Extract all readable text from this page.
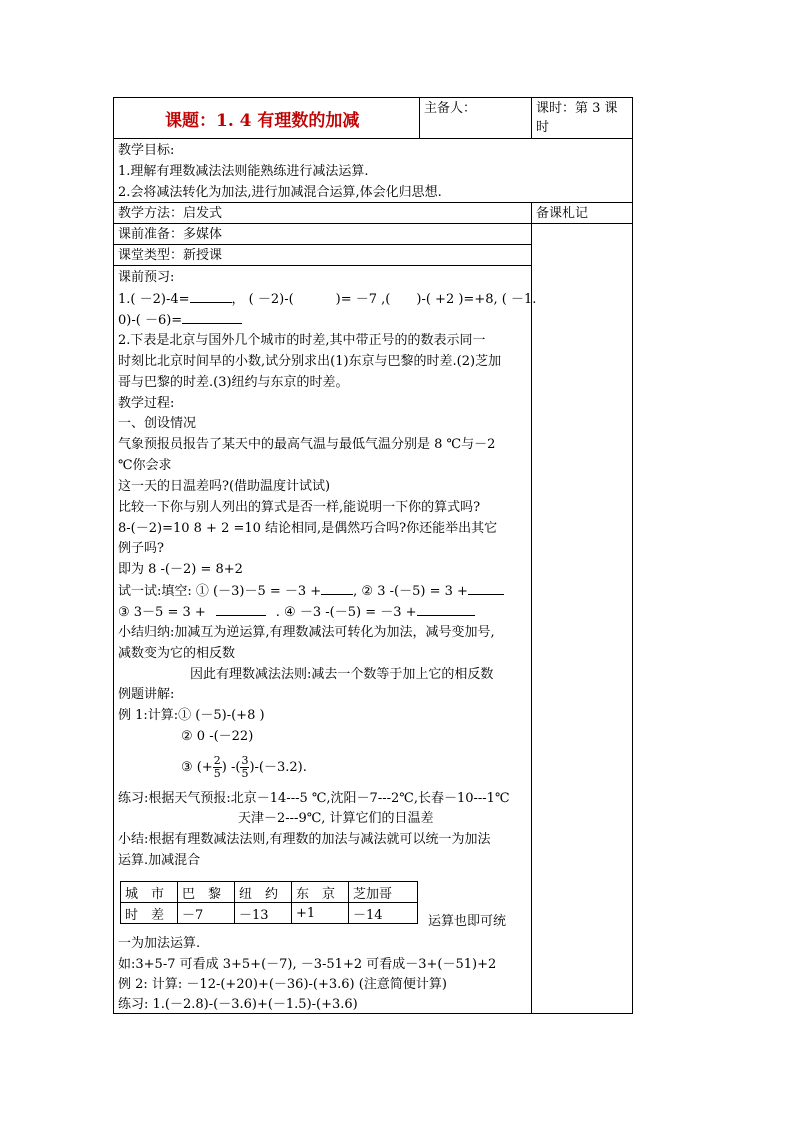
课题：1. 4 有理数的加减
主备人：	课时：第 3 课
时
教学目标:
1.理解有理数减法法则能熟练进行减法运算.
2.会将减法转化为加法,进行加减混合运算,体会化归思想.
教学方法：启发式	备课札记
课前准备：多媒体
课堂类型：新授课
课前预习:
1.( －2)-4=	， ( －2)-(	)= －7 ,( )-( +2 )=+8, ( －1.
0)-( －6)=
2.下表是北京与国外几个城市的时差,其中带正号的的数表示同一
时刻比北京时间早的小数,试分别求出(1)东京与巴黎的时差.(2)芝加
哥与巴黎的时差.(3)纽约与东京的时差。
教学过程:
一、创设情况
气象预报员报告了某天中的最高气温与最低气温分别是 8 ℃与－2
℃你会求
这一天的日温差吗?(借助温度计试试)
比较一下你与别人列出的算式是否一样,能说明一下你的算式吗?
8-(－2)=10 8 + 2 =10 结论相同,是偶然巧合吗?你还能举出其它
例子吗?
即为 8 -(－2) = 8+2
试一试:填空: ① (－3)－5 = －3 + , ② 3 -(－5) = 3 +
③ 3－5 = 3 +	. ④ －3 -(－5) = －3 +
小结归纳:加减互为逆运算,有理数减法可转化为加法，减号变加号,
减数变为它的相反数
因此有理数减法法则:减去一个数等于加上它的相反数
例题讲解:
例 1:计算:① (－5)-(+8 )
② 0 -(－22)
③ (+ $\frac{2}{5}$ ) -( $\frac{3}{5} )-(-3.2)$.
练习:根据天气预报:北京－14---5 ℃,沈阳－7---2℃,长春－10---1℃
天津－2---9℃, 计算它们的日温差
小结:根据有理数减法法则,有理数的加法与减法就可以统一为加法
运算.加减混合
城　市	巴　黎	纽　约	东　京	芝加哥
时　差	－7	－13	+1	－14	运算也即可统
一为加法运算.
如:3+5-7 可看成 3+5+(－7), －3-51+2 可看成－3+(－51)+2
例 2: 计算: －12-(+20)+(－36)-(+3.6) (注意简便计算)
练习: 1.(－2.8)-(－3.6)+(－1.5)-(+3.6)
